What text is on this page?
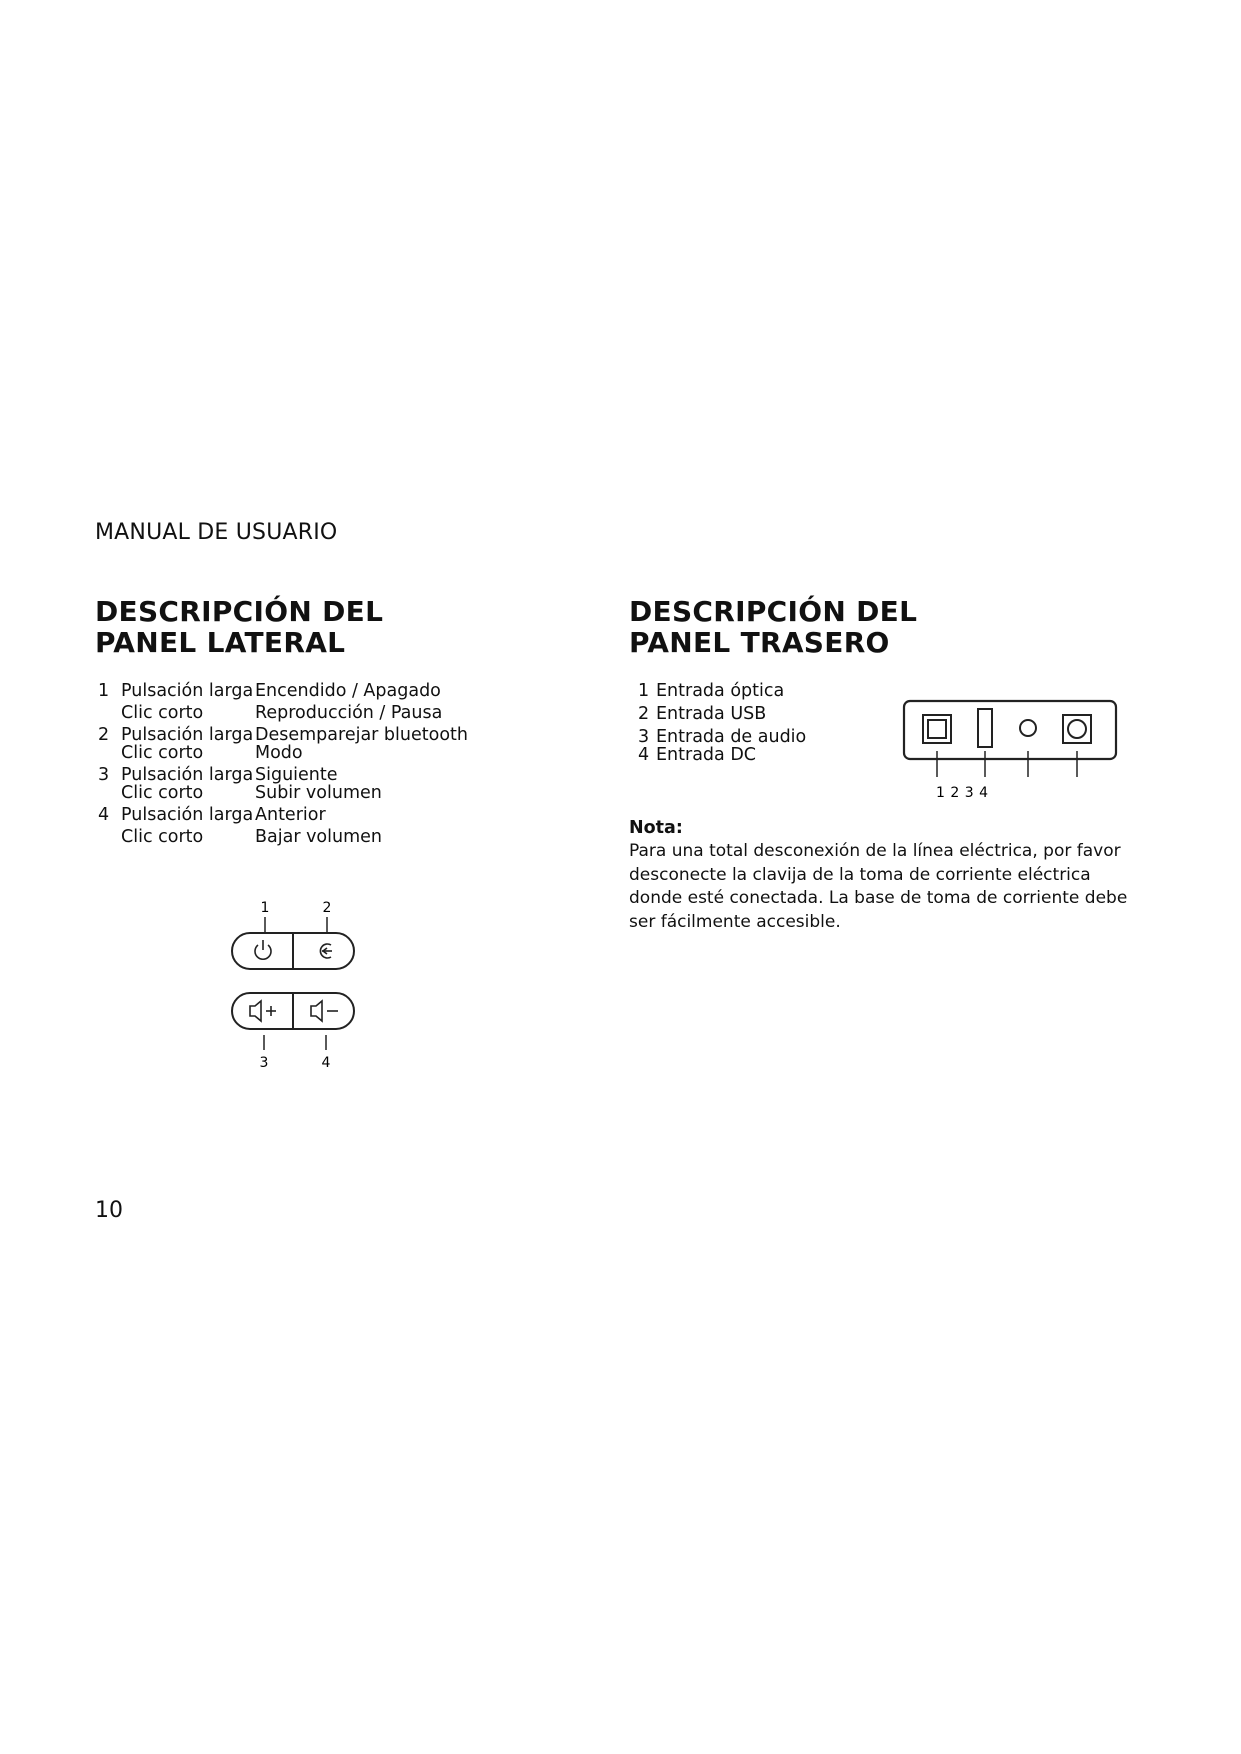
MANUAL DE USUARIO
DESCRIPCIÓN DEL
PANEL LATERAL
1 Pulsación larga Encendido / Apagado
Clic corto	Reproducción / Pausa
2 Pulsación larga Desemparejar bluetooth
Clic corto	Modo
3 Pulsación larga Siguiente
Clic corto	Subir volumen
4 Pulsación larga Anterior
Clic corto	Bajar volumen
1	2
3	4
DESCRIPCIÓN DEL
PANEL TRASERO
1 Entrada óptica
2 Entrada USB
3 Entrada de audio
4 Entrada DC
1 2 3 4
Nota:
Para una total desconexión de la línea eléctrica, por favor desconecte la clavija de la toma de corriente eléctrica donde esté conectada. La base de toma de corriente debe ser fácilmente accesible.
10
